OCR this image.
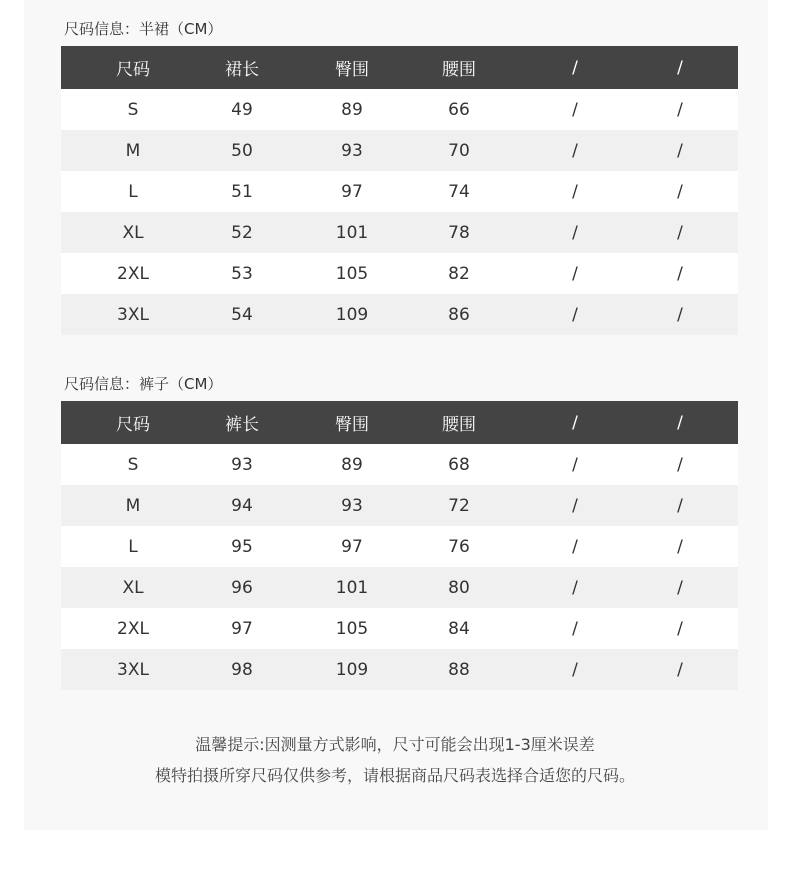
尺码信息：半裙（CM）
尺码	裙长	臀围	腰围	/	/
S	49	89	66	/	/
M	50	93	70	/	/
L	51	97	74	/	/
XL	52	101	78	/	/
2XL	53	105	82	/	/
3XL	54	109	86	/	/
尺码信息：裤子（CM）
尺码	裤长	臀围	腰围	/	/
S	93	89	68	/	/
M	94	93	72	/	/
L	95	97	76	/	/
XL	96	101	80	/	/
2XL	97	105	84	/	/
3XL	98	109	88	/	/
温馨提示:因测量方式影响，尺寸可能会出现1-3厘米误差
模特拍摄所穿尺码仅供参考，请根据商品尺码表选择合适您的尺码。
